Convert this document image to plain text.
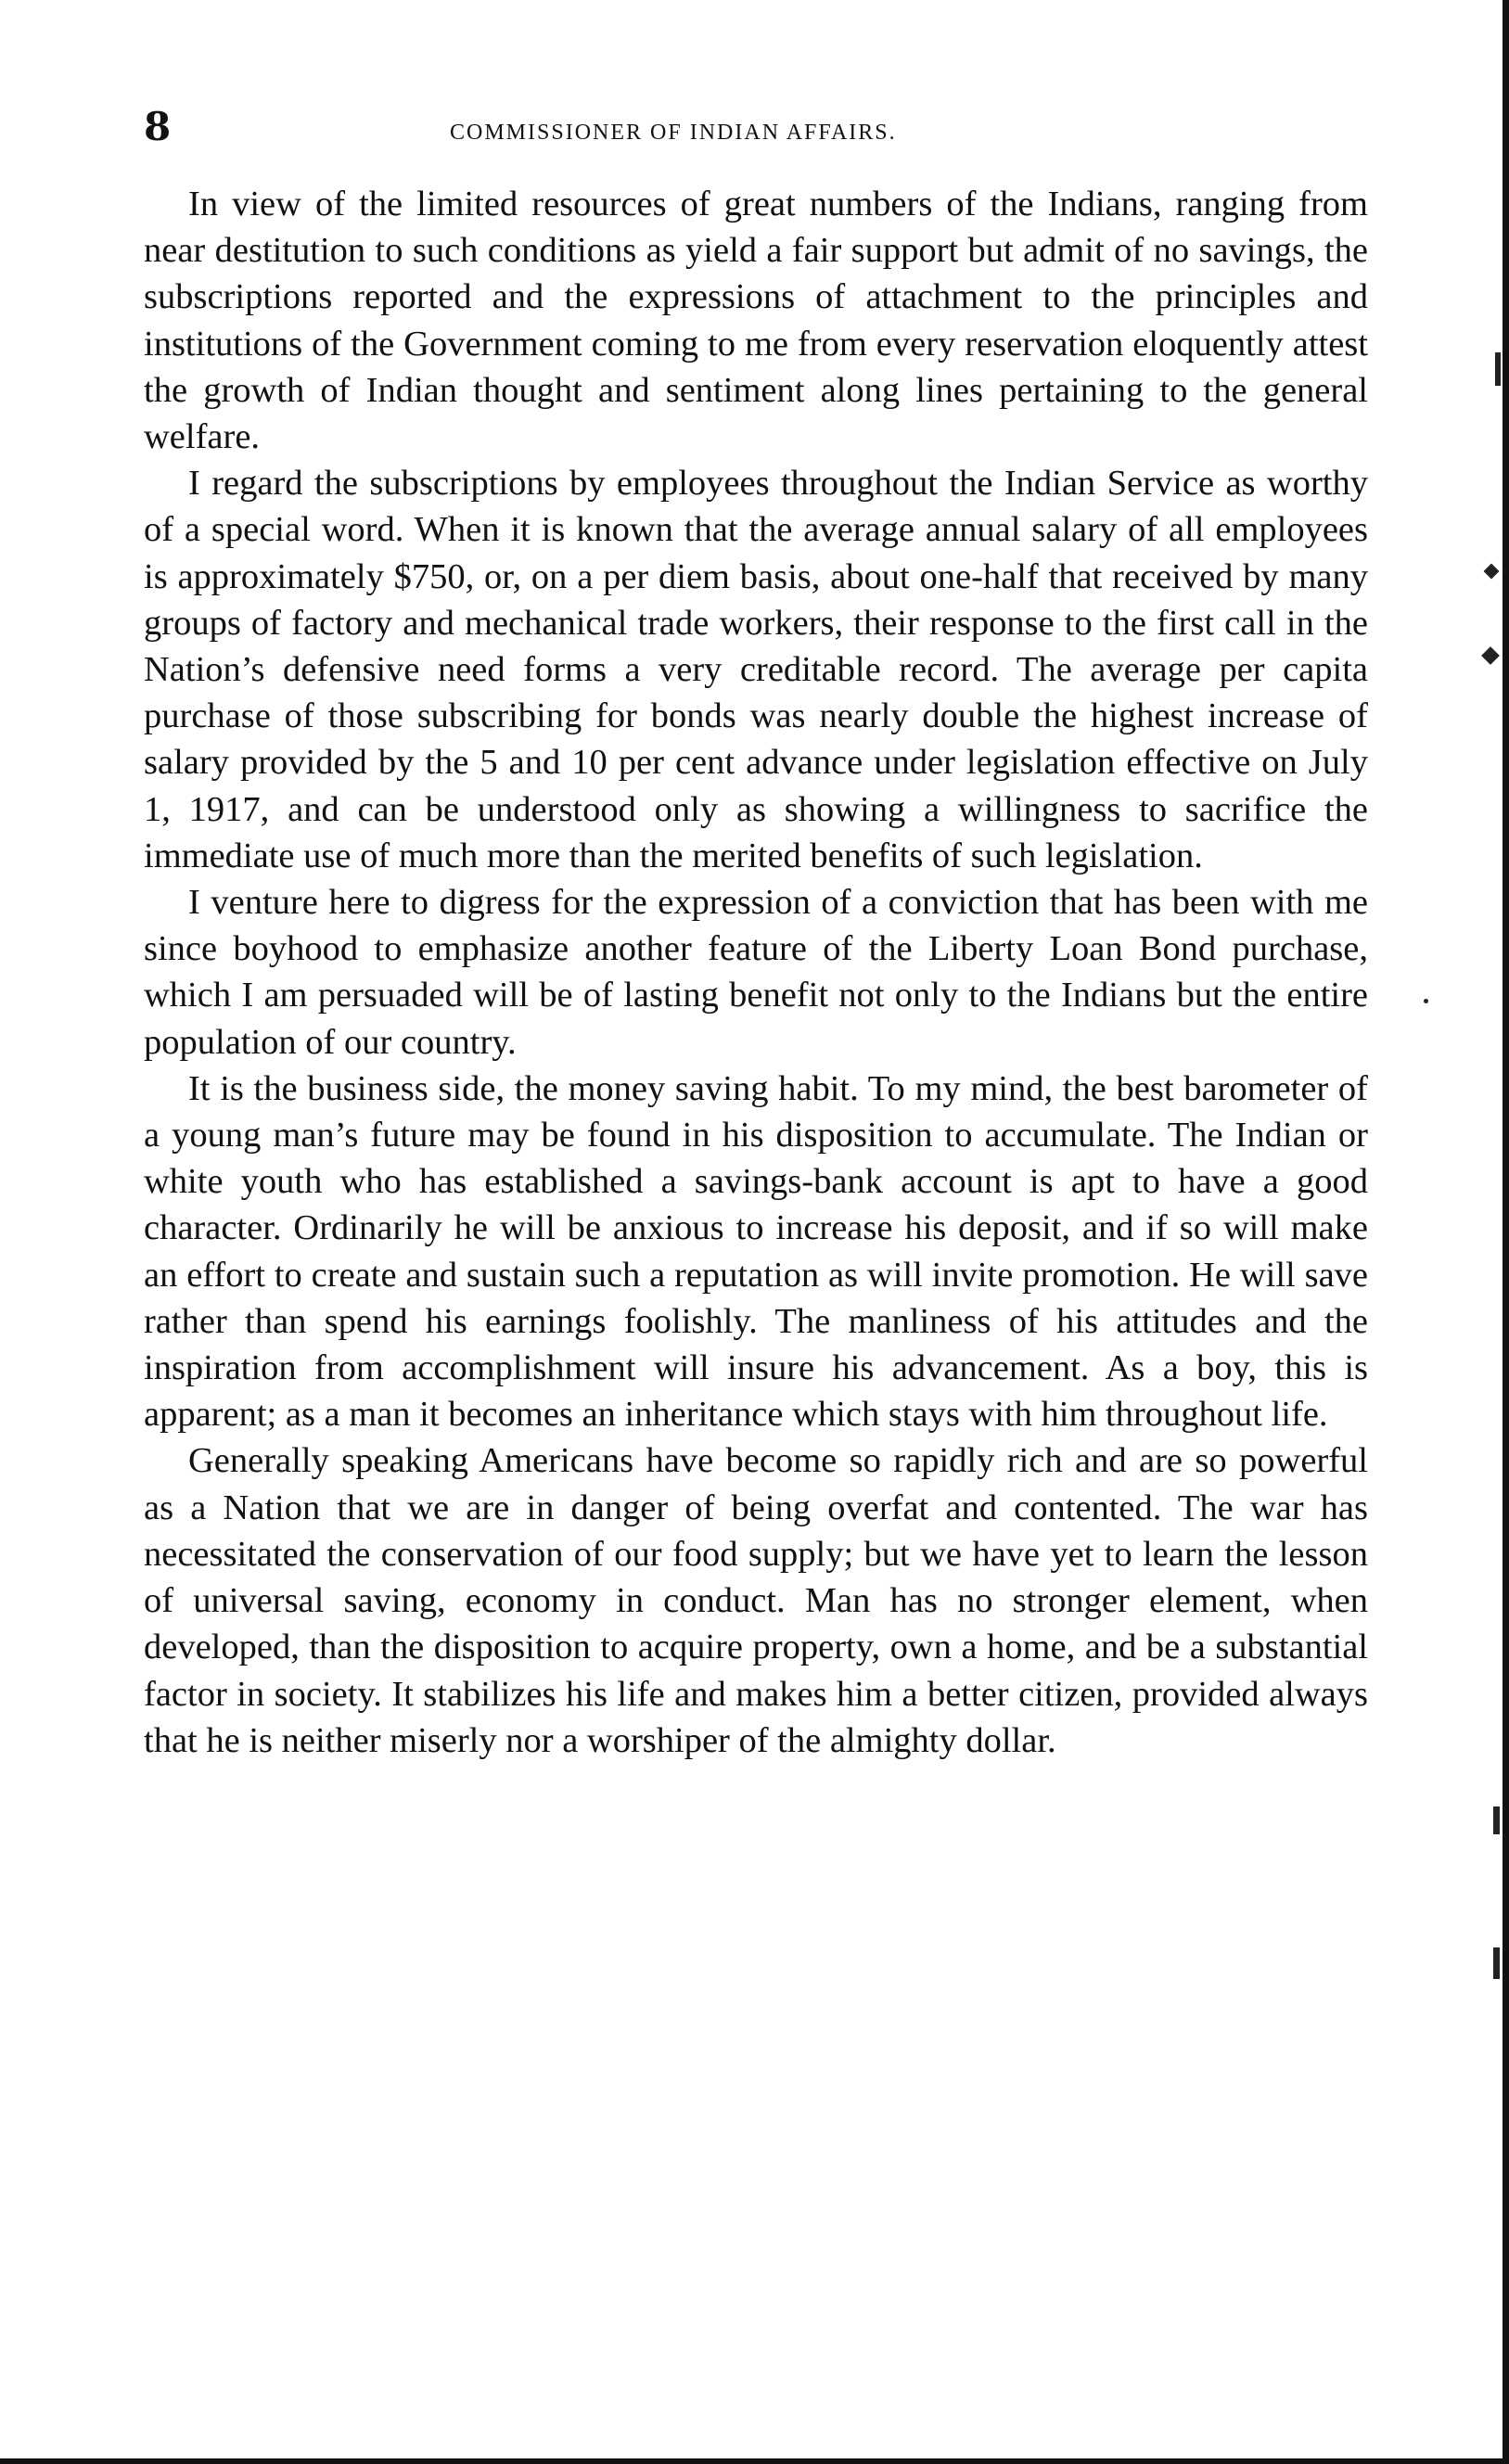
8	COMMISSIONER OF INDIAN AFFAIRS.

In view of the limited resources of great numbers of the Indians, ranging from near destitution to such conditions as yield a fair support but admit of no savings, the subscriptions reported and the expressions of attachment to the principles and institutions of the Government coming to me from every reservation eloquently attest the growth of Indian thought and sentiment along lines pertaining to the general welfare.

I regard the subscriptions by employees throughout the Indian Service as worthy of a special word. When it is known that the average annual salary of all employees is approximately $750, or, on a per diem basis, about one-half that received by many groups of factory and mechanical trade workers, their response to the first call in the Nation’s defensive need forms a very creditable record. The average per capita purchase of those subscribing for bonds was nearly double the highest increase of salary provided by the 5 and 10 per cent advance under legislation effective on July 1, 1917, and can be understood only as showing a willingness to sacrifice the immediate use of much more than the merited benefits of such legislation.

I venture here to digress for the expression of a conviction that has been with me since boyhood to emphasize another feature of the Liberty Loan Bond purchase, which I am persuaded will be of lasting benefit not only to the Indians but the entire population of our country.

It is the business side, the money saving habit. To my mind, the best barometer of a young man’s future may be found in his disposition to accumulate. The Indian or white youth who has established a savings-bank account is apt to have a good character. Ordinarily he will be anxious to increase his deposit, and if so will make an effort to create and sustain such a reputation as will invite promotion. He will save rather than spend his earnings foolishly. The manliness of his attitudes and the inspiration from accomplishment will insure his advancement. As a boy, this is apparent; as a man it becomes an inheritance which stays with him throughout life.

Generally speaking Americans have become so rapidly rich and are so powerful as a Nation that we are in danger of being overfat and contented. The war has necessitated the conservation of our food supply; but we have yet to learn the lesson of universal saving, economy in conduct. Man has no stronger element, when developed, than the disposition to acquire property, own a home, and be a substantial factor in society. It stabilizes his life and makes him a better citizen, provided always that he is neither miserly nor a worshiper of the almighty dollar.
